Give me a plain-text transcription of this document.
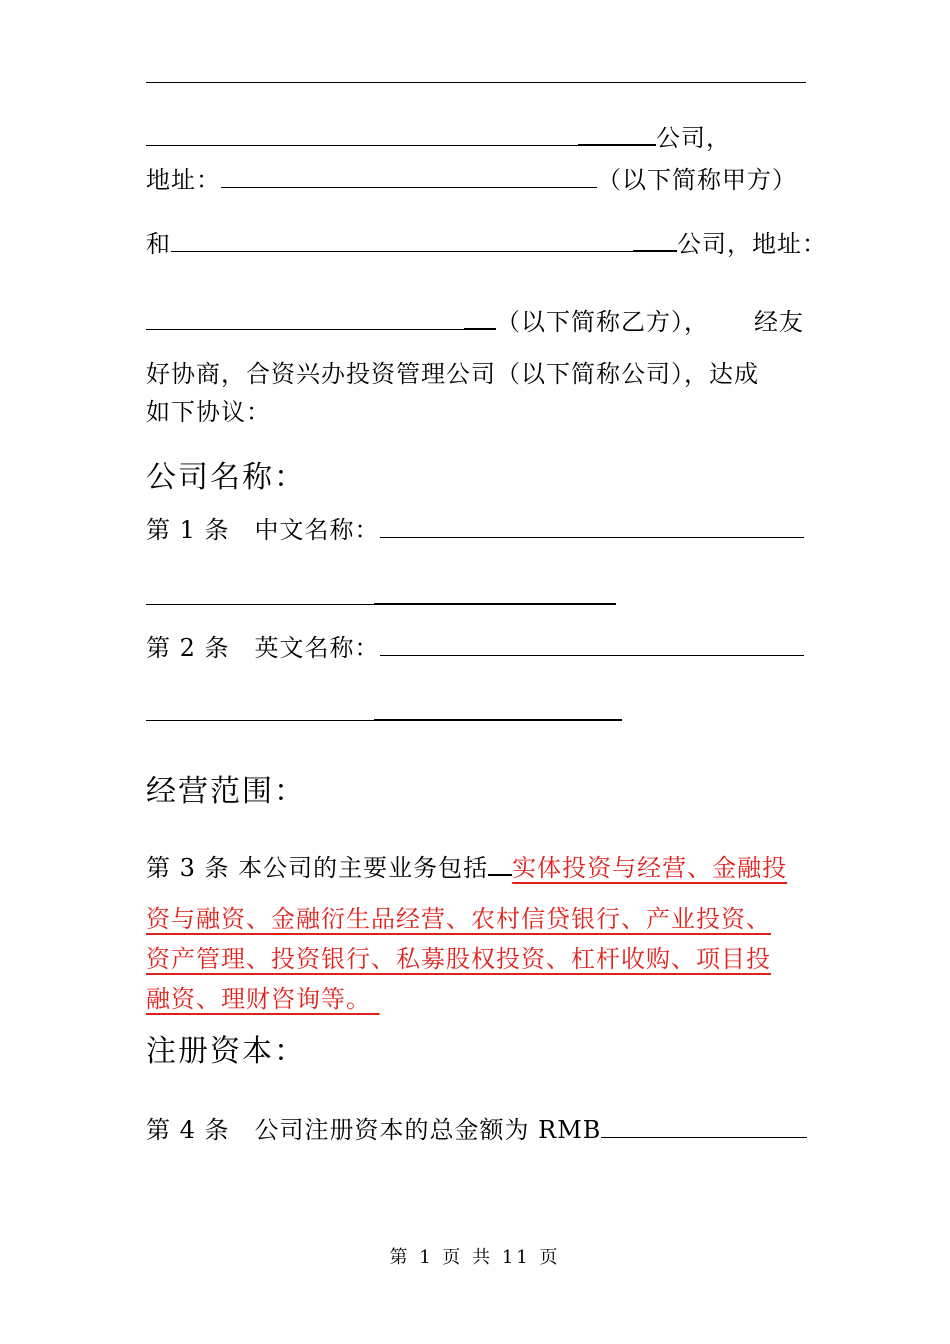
公司，
地址：	（以下简称甲方）
和	公司，地址：
（以下简称乙方）， 经友
好协商，合资兴办投资管理公司（以下简称公司），达成
如下协议：
公司名称：
第 1 条　中文名称：
第 2 条　英文名称：
经营范围：
第 3 条 本公司的主要业务包括 实体投资与经营、金融投
资与融资、金融衍生品经营、农村信贷银行、产业投资、
资产管理、投资银行、私募股权投资、杠杆收购、项目投
融资、理财咨询等。
注册资本：
第 4 条　公司注册资本的总金额为 RMB
第 1 页 共 11 页
